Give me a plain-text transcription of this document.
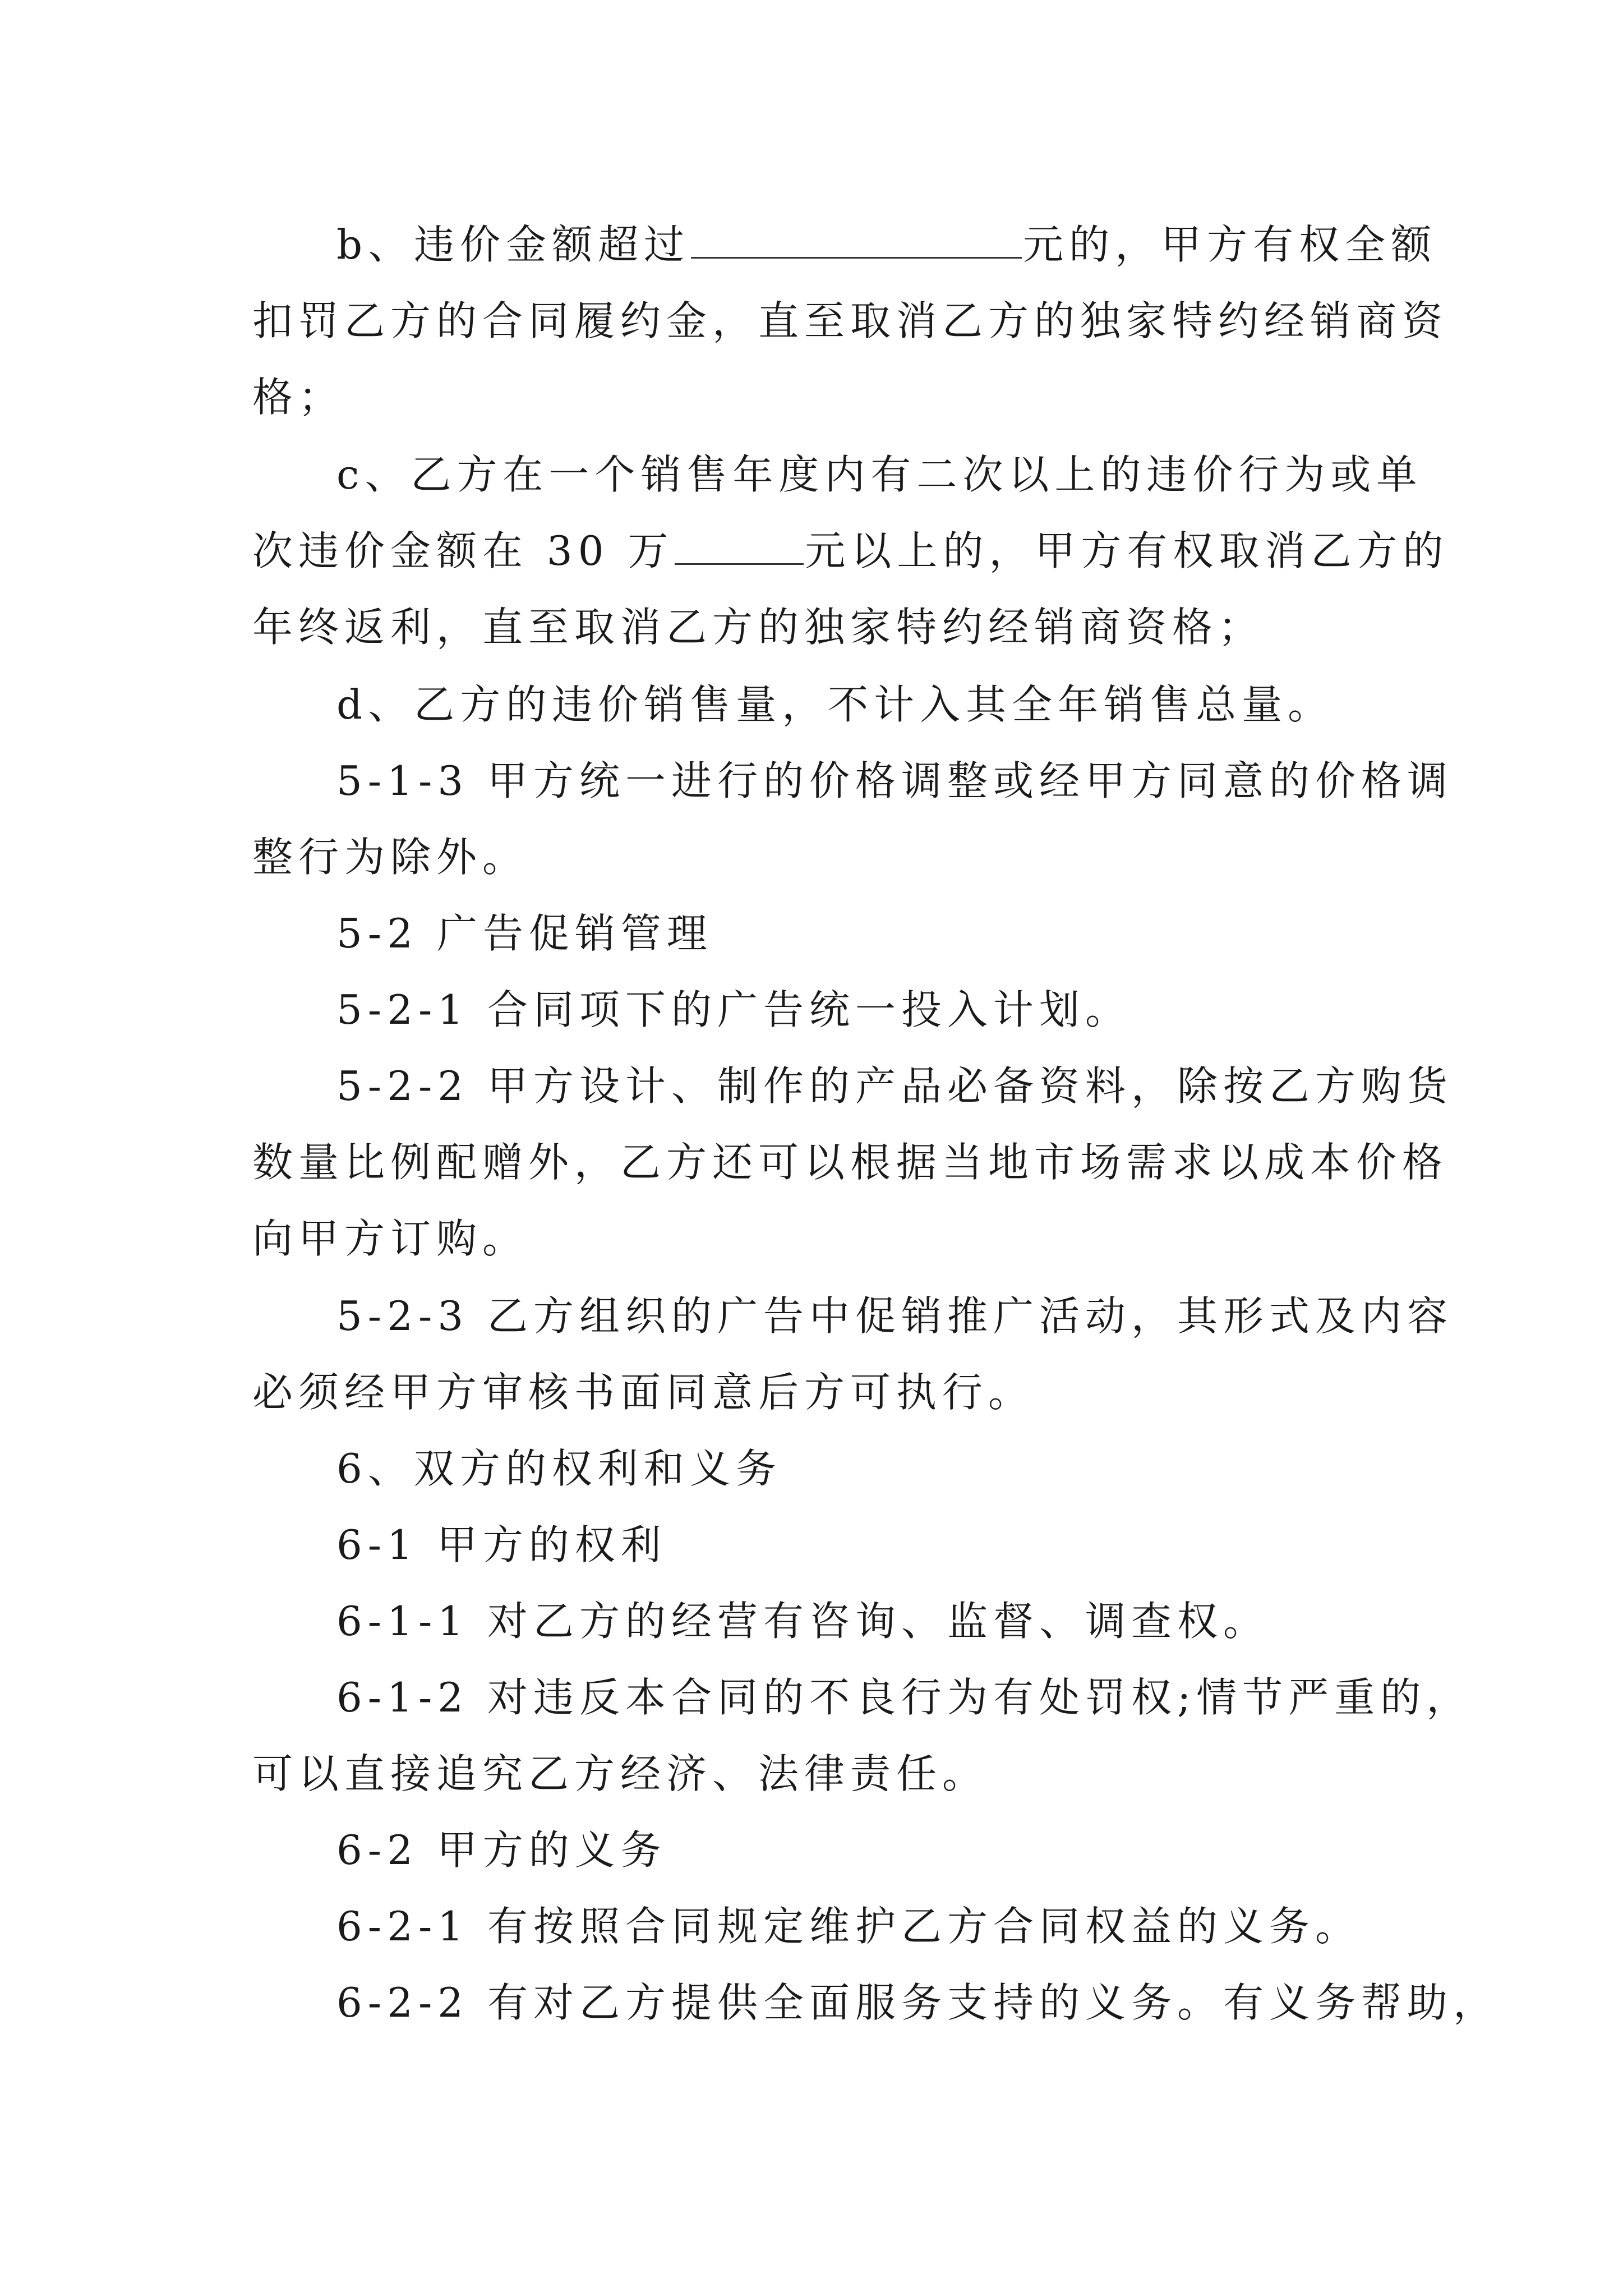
b、违价金额超过	元的，甲方有权全额
扣罚乙方的合同履约金，直至取消乙方的独家特约经销商资
格；
c、乙方在一个销售年度内有二次以上的违价行为或单
次违价金额在 30 万	元以上的，甲方有权取消乙方的
年终返利，直至取消乙方的独家特约经销商资格；
d、乙方的违价销售量，不计入其全年销售总量。
5-1-3 甲方统一进行的价格调整或经甲方同意的价格调
整行为除外。
5-2 广告促销管理
5-2-1 合同项下的广告统一投入计划。
5-2-2 甲方设计、制作的产品必备资料，除按乙方购货
数量比例配赠外，乙方还可以根据当地市场需求以成本价格
向甲方订购。
5-2-3 乙方组织的广告中促销推广活动，其形式及内容
必须经甲方审核书面同意后方可执行。
6、双方的权利和义务
6-1 甲方的权利
6-1-1 对乙方的经营有咨询、监督、调查权。
6-1-2 对违反本合同的不良行为有处罚权;情节严重的，
可以直接追究乙方经济、法律责任。
6-2 甲方的义务
6-2-1 有按照合同规定维护乙方合同权益的义务。
6-2-2 有对乙方提供全面服务支持的义务。有义务帮助，
